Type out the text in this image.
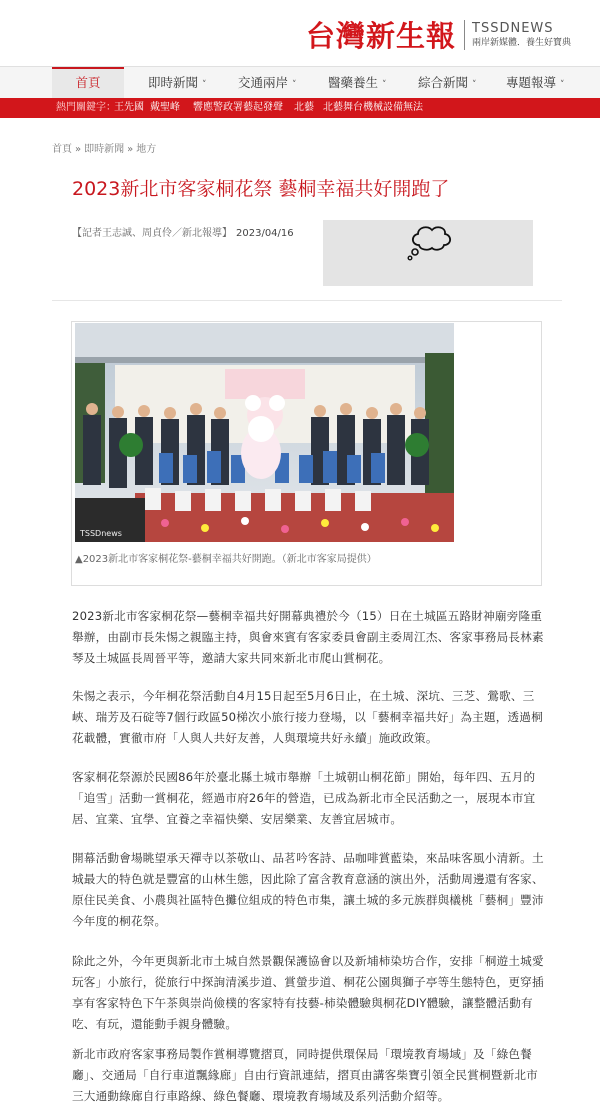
台灣新生報 TSSDNEWS
兩岸新媒體．養生好寶典
首頁	即時新聞 ˅	交通兩岸 ˅	醫藥養生 ˅	綜合新聞 ˅ 專題報導 ˅
熱門關鍵字：
王先國 戴聖峰 響應警政署藝起發聲 北藝 北藝舞台機械設備無法
首頁 » 即時新聞 » 地方
2023新北市客家桐花祭 藝桐幸福共好開跑了
【記者王志誠、周貞伶／新北報導】 2023/04/16
TSSDnews
▲2023新北市客家桐花祭-藝桐幸福共好開跑。（新北市客家局提供）

2023新北市客家桐花祭—藝桐幸福共好開幕典禮於今（15）日在土城區五路財神廟旁隆重舉辦，由副市長朱惕之親臨主持，與會來賓有客家委員會副主委周江杰、客家事務局長林素琴及土城區長周晉平等，邀請大家共同來新北市爬山賞桐花。

朱惕之表示，今年桐花祭活動自4月15日起至5月6日止，在土城、深坑、三芝、鶯歌、三峽、瑞芳及石碇等7個行政區50梯次小旅行接力登場，以「藝桐幸福共好」為主題，透過桐花載體，實徹市府「人與人共好友善，人與環境共好永續」施政政策。

客家桐花祭源於民國86年於臺北縣土城市舉辦「土城朝山桐花節」開始，每年四、五月的「追雪」活動一賞桐花，經過市府26年的營造，已成為新北市全民活動之一，展現本市宜居、宜業、宜學、宜養之幸福快樂、安居樂業、友善宜居城市。

開幕活動會場眺望承天禪寺以茶敬山、品茗吟客詩、品咖啡賞藍染，來品味客風小清新。土城最大的特色就是豐富的山林生態，因此除了富含教育意涵的演出外，活動周邊還有客家、原住民美食、小農與社區特色攤位組成的特色市集，讓土城的多元族群與檥桃「藝桐」豐沛今年度的桐花祭。

除此之外，今年更與新北市土城自然景觀保護協會以及新埔柿染坊合作，安排「桐遊土城愛玩客」小旅行，從旅行中探詢清溪步道、賞螢步道、桐花公園與獅子亭等生態特色，更穿插享有客家特色下午茶與崇尚儉樸的客家特有技藝-柿染體驗與桐花DIY體驗，讓整體活動有吃、有玩，還能動手親身體驗。

新北市政府客家事務局製作賞桐導覽摺頁，同時提供環保局「環境教育場域」及「綠色餐廳」、交通局「自行車道飄緣廊」自由行資訊連結，摺頁由講客柴寶引領全民賞桐暨新北市三大通動綠廊自行車路線、綠色餐廳、環境教育場域及系列活動介紹等。
